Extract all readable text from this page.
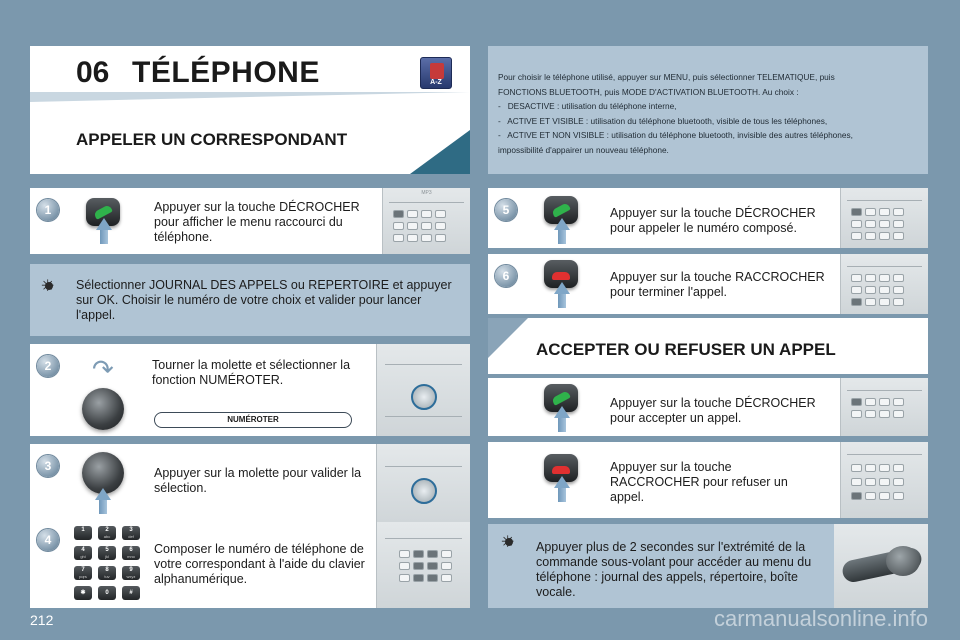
06 TÉLÉPHONE	A-Z
APPELER UN CORRESPONDANT
Pour choisir le téléphone utilisé, appuyer sur MENU, puis sélectionner TELEMATIQUE, puis
FONCTIONS BLUETOOTH, puis MODE D'ACTIVATION BLUETOOTH. Au choix :
-   DESACTIVE : utilisation du téléphone interne,
-   ACTIVE ET VISIBLE : utilisation du téléphone bluetooth, visible de tous les téléphones,
-   ACTIVE ET NON VISIBLE : utilisation du téléphone bluetooth, invisible des autres téléphones,
impossibilité d'appairer un nouveau téléphone.
1	Appuyer sur la touche DÉCROCHER pour afficher le menu raccourci du téléphone.
MP3
✳
Sélectionner JOURNAL DES APPELS ou REPERTOIRE et appuyer sur OK. Choisir le numéro de votre choix et valider pour lancer l'appel.
2 ↷	Tourner la molette et sélectionner la fonction NUMÉROTER.
NUMÉROTER
3	Appuyer sur la molette pour valider la sélection.
4
1	2
abc
3
def
4
ghi
5
jkl
6
mno
7
pqrs
8
tuv
9
wxyz
✱	0	#
Composer le numéro de téléphone de votre correspondant à l'aide du clavier alphanumérique.
5	Appuyer sur la touche DÉCROCHER pour appeler le numéro composé.
6	Appuyer sur la touche RACCROCHER pour terminer l'appel.
ACCEPTER OU REFUSER UN APPEL
Appuyer sur la touche DÉCROCHER pour accepter un appel.
Appuyer sur la touche RACCROCHER pour refuser un appel.
✳
Appuyer plus de 2 secondes sur l'extrémité de la commande sous-volant pour accéder au menu du téléphone : journal des appels, répertoire, boîte vocale.
212	carmanualsonline.info
